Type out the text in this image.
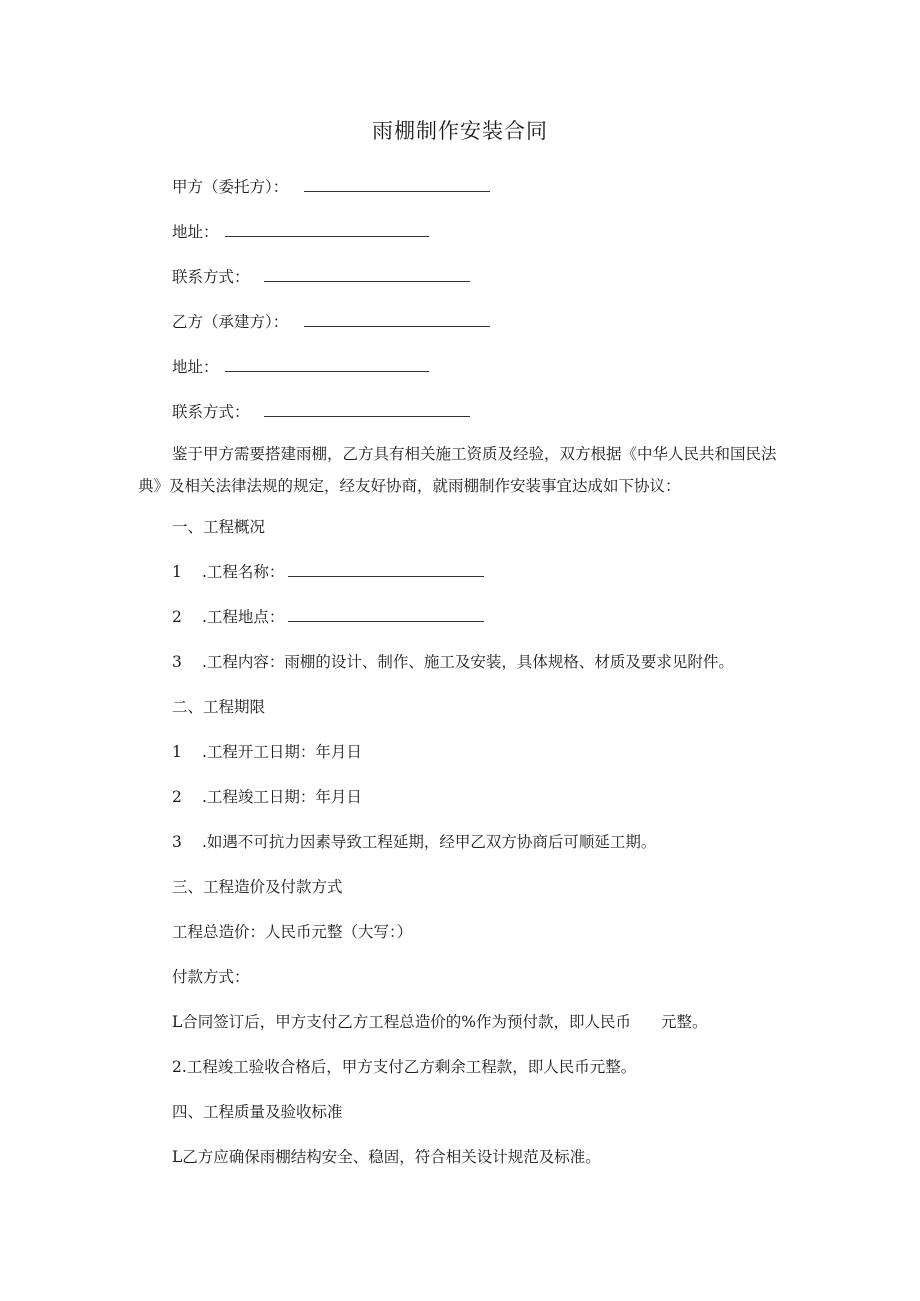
雨棚制作安装合同
甲方（委托方）：
地址：
联系方式：
乙方（承建方）：
地址：
联系方式：
鉴于甲方需要搭建雨棚，乙方具有相关施工资质及经验，双方根据《中华人民共和国民法典》及相关法律法规的规定，经友好协商，就雨棚制作安装事宜达成如下协议：
一、工程概况
1 .工程名称：
2 .工程地点：
3 .工程内容：雨棚的设计、制作、施工及安装，具体规格、材质及要求见附件。
二、工程期限
1 .工程开工日期：年月日
2 .工程竣工日期：年月日
3 .如遇不可抗力因素导致工程延期，经甲乙双方协商后可顺延工期。
三、工程造价及付款方式
工程总造价：人民币元整（大写：）
付款方式：
L合同签订后，甲方支付乙方工程总造价的%作为预付款，即人民币 元整。
2.工程竣工验收合格后，甲方支付乙方剩余工程款，即人民币元整。
四、工程质量及验收标准
L乙方应确保雨棚结构安全、稳固，符合相关设计规范及标准。
